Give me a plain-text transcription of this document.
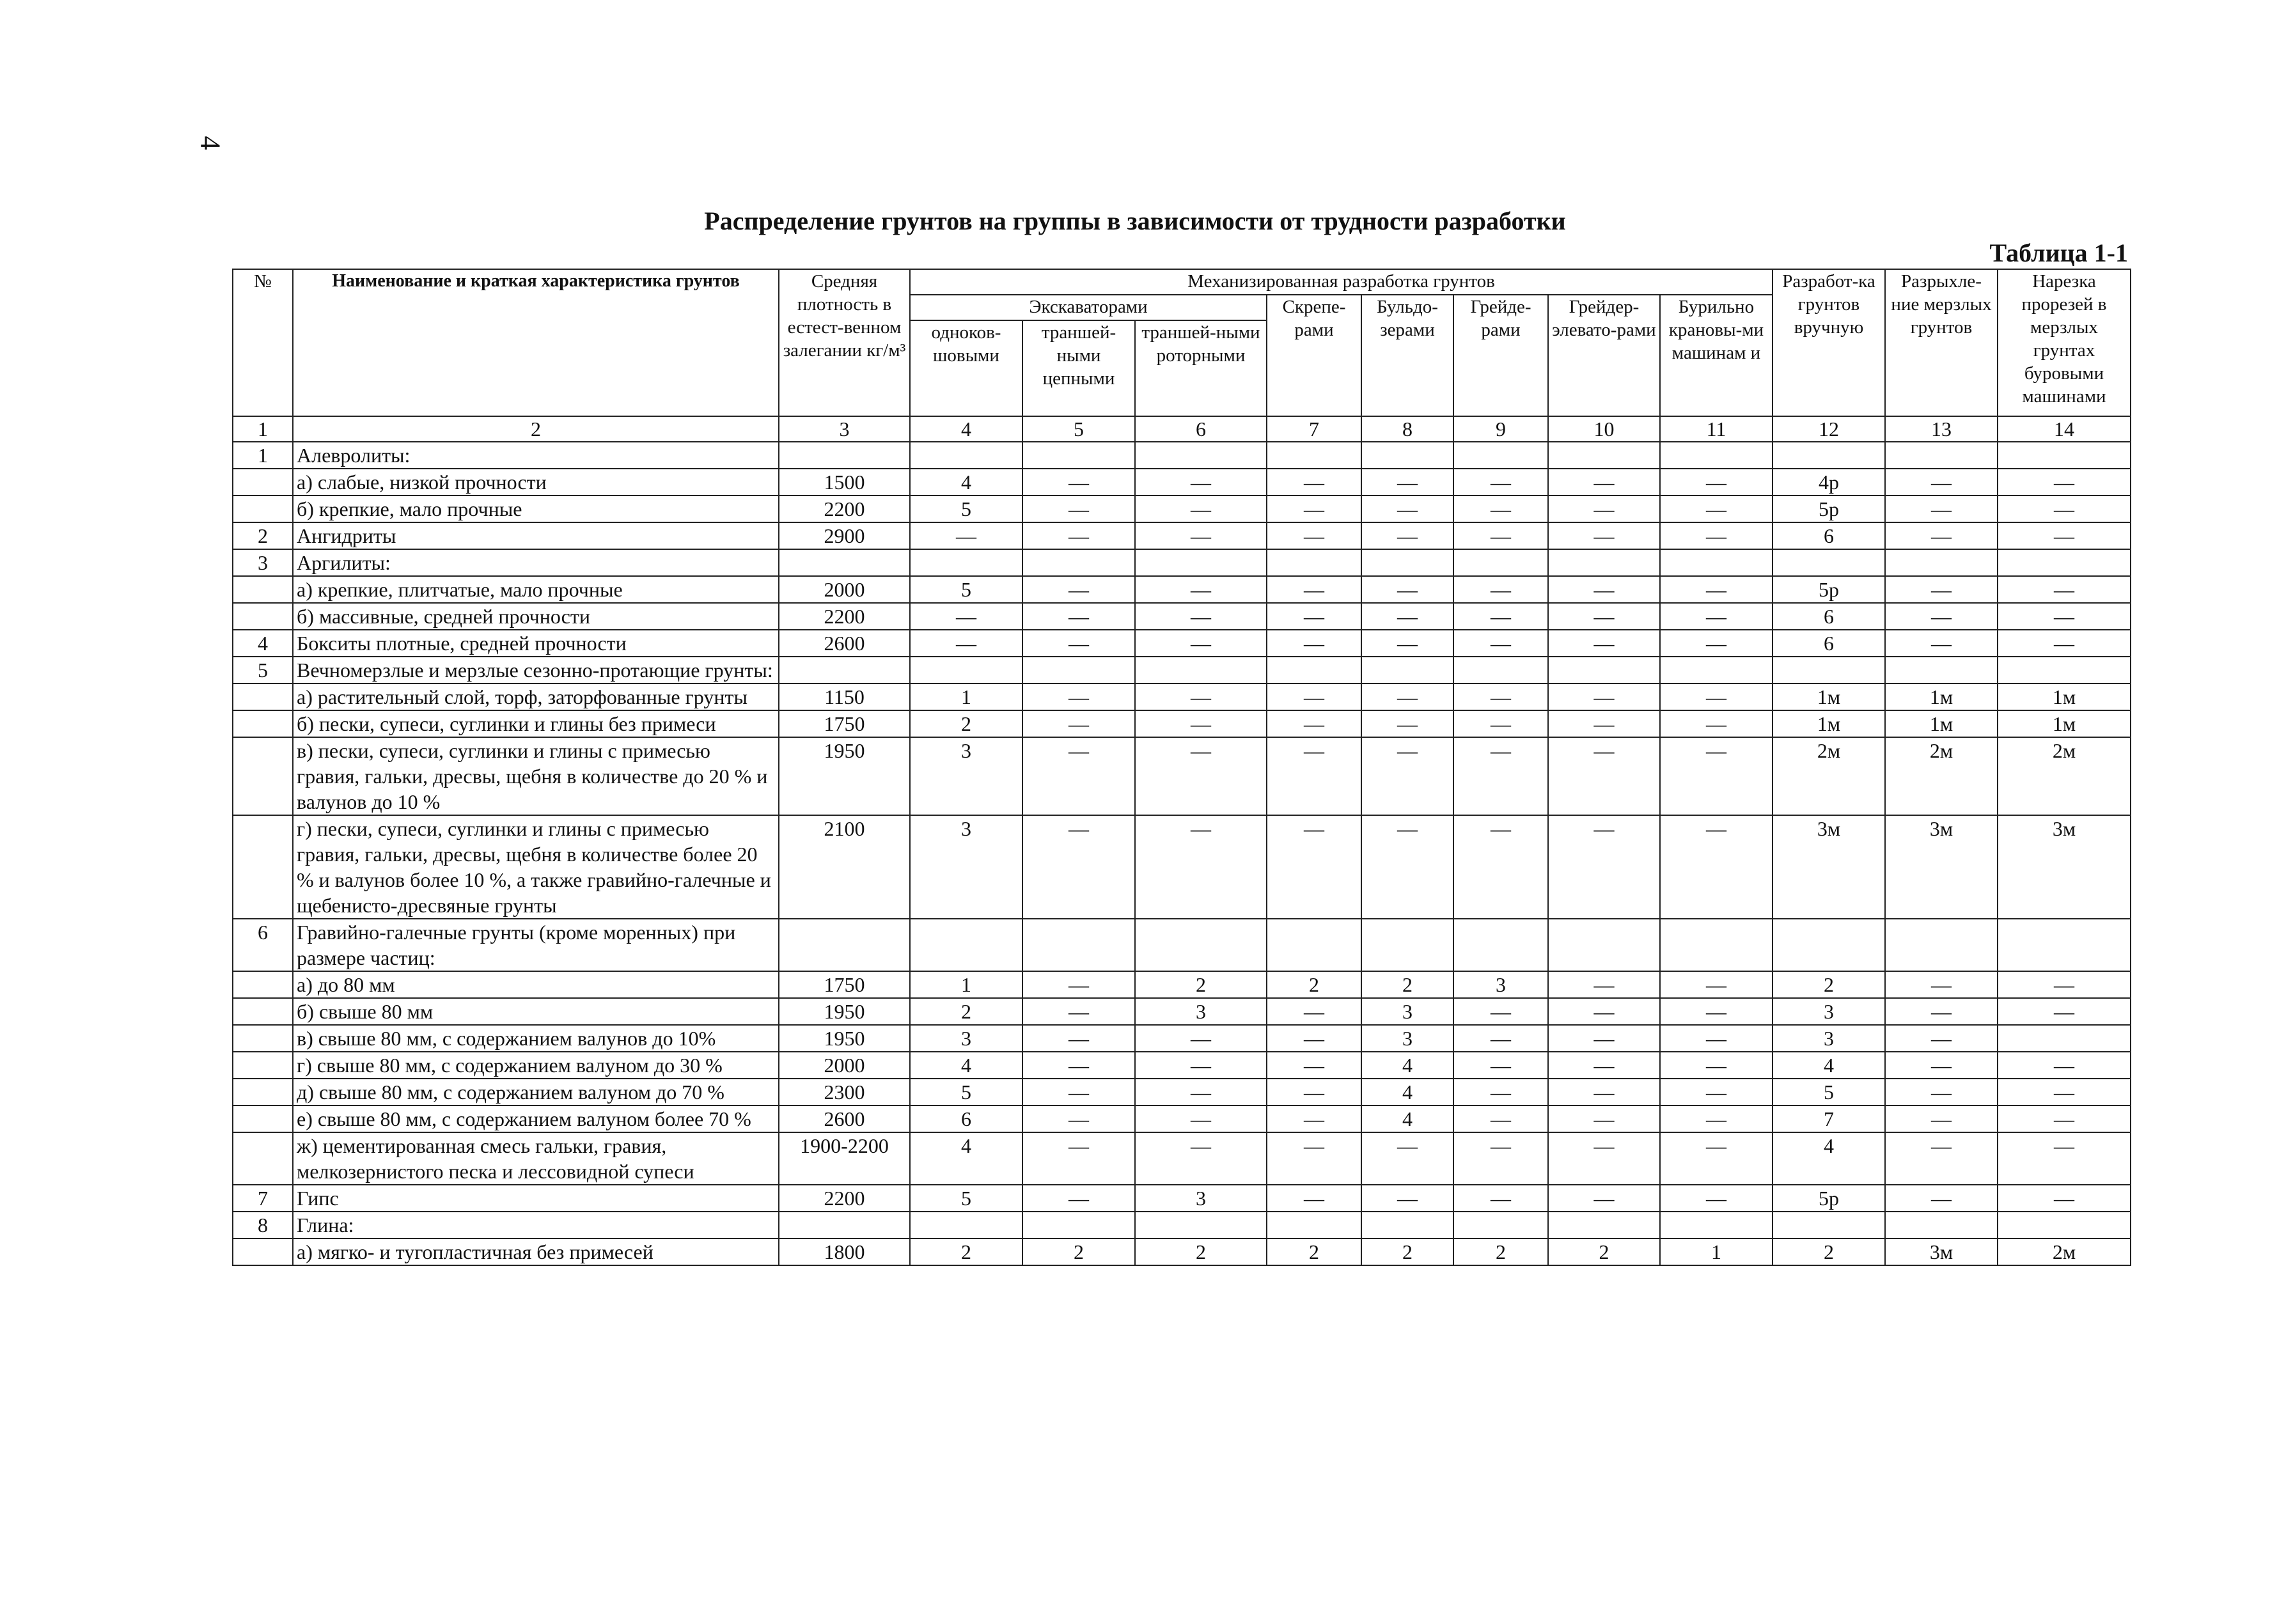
4
Распределение грунтов на группы в зависимости от трудности разработки
Таблица 1-1
№	Наименование и краткая характеристика грунтов	Средняя плотность в естест-венном залегании кг/м³	Механизированная разработка грунтов								Разработ-ка грунтов вручную	Разрыхле-ние мерзлых грунтов	Нарезка прорезей в мерзлых грунтах буровыми машинами
			Экскаваторами			Скрепе-рами	Бульдо-зерами	Грейде-рами	Грейдер-элевато-рами	Бурильно крановы-ми машинам и			
			одноков-шовыми	траншей-ными цепными	траншей-ными роторными								
1	2	3	4	5	6	7	8	9	10	11	12	13	14
1	Алевролиты:												
	а) слабые, низкой прочности	1500	4	—	—	—	—	—	—	—	4р	—	—
	б) крепкие, мало прочные	2200	5	—	—	—	—	—	—	—	5р	—	—
2	Ангидриты	2900	—	—	—	—	—	—	—	—	6	—	—
3	Аргилиты:												
	а) крепкие, плитчатые, мало прочные	2000	5	—	—	—	—	—	—	—	5р	—	—
	б) массивные, средней прочности	2200	—	—	—	—	—	—	—	—	6	—	—
4	Бокситы плотные, средней прочности	2600	—	—	—	—	—	—	—	—	6	—	—
5	Вечномерзлые и мерзлые сезонно-протающие грунты:												
	а) растительный слой, торф, заторфованные грунты	1150	1	—	—	—	—	—	—	—	1м	1м	1м
	б) пески, супеси, суглинки и глины без примеси	1750	2	—	—	—	—	—	—	—	1м	1м	1м
	в) пески, супеси, суглинки и глины с примесью гравия, гальки, дресвы, щебня в количестве до 20 % и валунов до 10 %	1950	3	—	—	—	—	—	—	—	2м	2м	2м
	г) пески, супеси, суглинки и глины с примесью гравия, гальки, дресвы, щебня в количестве более 20 % и валунов более 10 %, а также гравийно-галечные и щебенисто-дресвяные грунты	2100	3	—	—	—	—	—	—	—	3м	3м	3м
6	Гравийно-галечные грунты (кроме моренных) при размере частиц:												
	а) до 80 мм	1750	1	—	2	2	2	3	—	—	2	—	—
	б) свыше 80 мм	1950	2	—	3	—	3	—	—	—	3	—	—
	в) свыше 80 мм, с содержанием валунов до 10%	1950	3	—	—	—	3	—	—	—	3	—	
	г) свыше 80 мм, с содержанием валуном до 30 %	2000	4	—	—	—	4	—	—	—	4	—	—
	д) свыше 80 мм, с содержанием валуном до 70 %	2300	5	—	—	—	4	—	—	—	5	—	—
	е) свыше 80 мм, с содержанием валуном более 70 %	2600	6	—	—	—	4	—	—	—	7	—	—
	ж) цементированная смесь гальки, гравия, мелкозернистого песка и лессовидной супеси	1900-2200	4	—	—	—	—	—	—	—	4	—	—
7	Гипс	2200	5	—	3	—	—	—	—	—	5р	—	—
8	Глина:												
	а) мягко- и тугопластичная без примесей	1800	2	2	2	2	2	2	2	1	2	3м	2м
